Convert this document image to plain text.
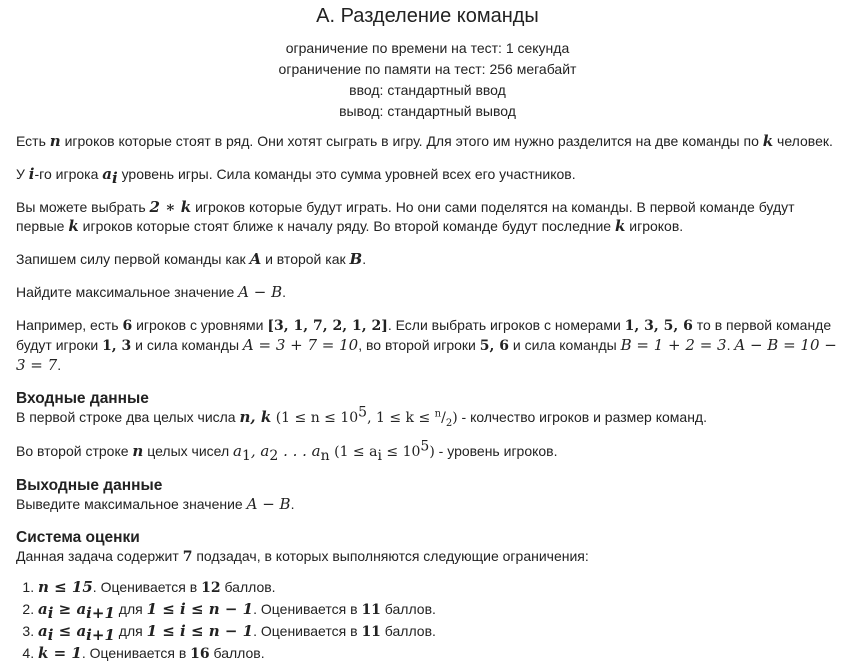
A. Разделение команды
ограничение по времени на тест: 1 секунда
ограничение по памяти на тест: 256 мегабайт
ввод: стандартный ввод
вывод: стандартный вывод

Есть n игроков которые стоят в ряд. Они хотят сыграть в игру. Для этого им нужно разделится на две команды по k человек.

У i-го игрока $a_i$ уровень игры. Сила команды это сумма уровней всех его участников.

Вы можете выбрать 2 ∗ k игроков которые будут играть. Но они сами поделятся на команды. В первой команде будут первые k игроков которые стоят ближе к началу ряду. Во второй команде будут последние k игроков.

Запишем силу первой команды как A и второй как B.

Найдите максимальное значение A − B.

Например, есть 6 игроков с уровнями [3, 1, 7, 2, 1, 2]. Если выбрать игроков с номерами 1, 3, 5, 6 то в первой команде будут игроки 1, 3 и сила команды A = 3 + 7 = 10, во второй игроки 5, 6 и сила команды B = 1 + 2 = 3. A − B = 10 − 3 = 7.

Входные данные

В первой строке два целых числа n, k ($1 \le n \le 10^5$, $1 \le k \le ^n/_2$) - колчество игроков и размер команд.

Во второй строке n целых чисел $a_1$, $a_2$ . . . $a_n$ $(1 \le a_i \le 10^5)$ - уровень игроков.

Выходные данные

Выведите максимальное значение A − B.

Система оценки
Данная задача содержит 7 подзадач, в которых выполняются следующие ограничения:
1. n ≤ 15. Оценивается в 12 баллов.
2. $a_i \ge a_{i+1}$ для 1 ≤ i ≤ n − 1. Оценивается в 11 баллов.
3. $a_i \le a_{i+1}$ для 1 ≤ i ≤ n − 1. Оценивается в 11 баллов.
4. k = 1. Оценивается в 16 баллов.
